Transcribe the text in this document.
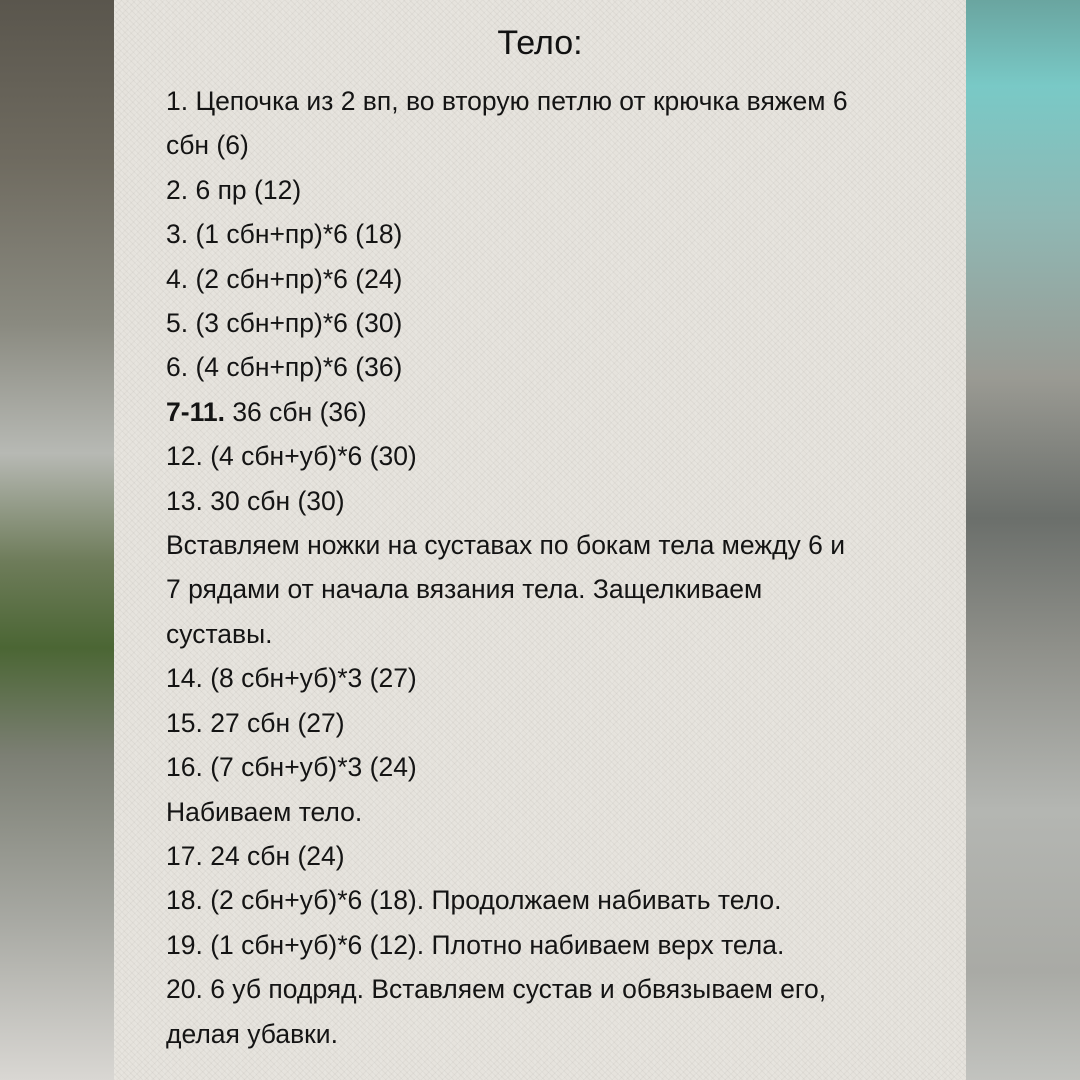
Тело:
1. Цепочка из 2 вп, во вторую петлю от крючка вяжем 6
сбн (6)
2. 6 пр (12)
3. (1 сбн+пр)*6 (18)
4. (2 сбн+пр)*6 (24)
5. (3 сбн+пр)*6 (30)
6. (4 сбн+пр)*6 (36)
7-11. 36 сбн (36)
12. (4 сбн+уб)*6 (30)
13. 30 сбн (30)
Вставляем ножки на суставах по бокам тела между 6 и
7 рядами от начала вязания тела. Защелкиваем
суставы.
14. (8 сбн+уб)*3 (27)
15. 27 сбн (27)
16. (7 сбн+уб)*3 (24)
Набиваем тело.
17. 24 сбн (24)
18. (2 сбн+уб)*6 (18). Продолжаем набивать тело.
19. (1 сбн+уб)*6 (12). Плотно набиваем верх тела.
20. 6 уб подряд. Вставляем сустав и обвязываем его,
делая убавки.
